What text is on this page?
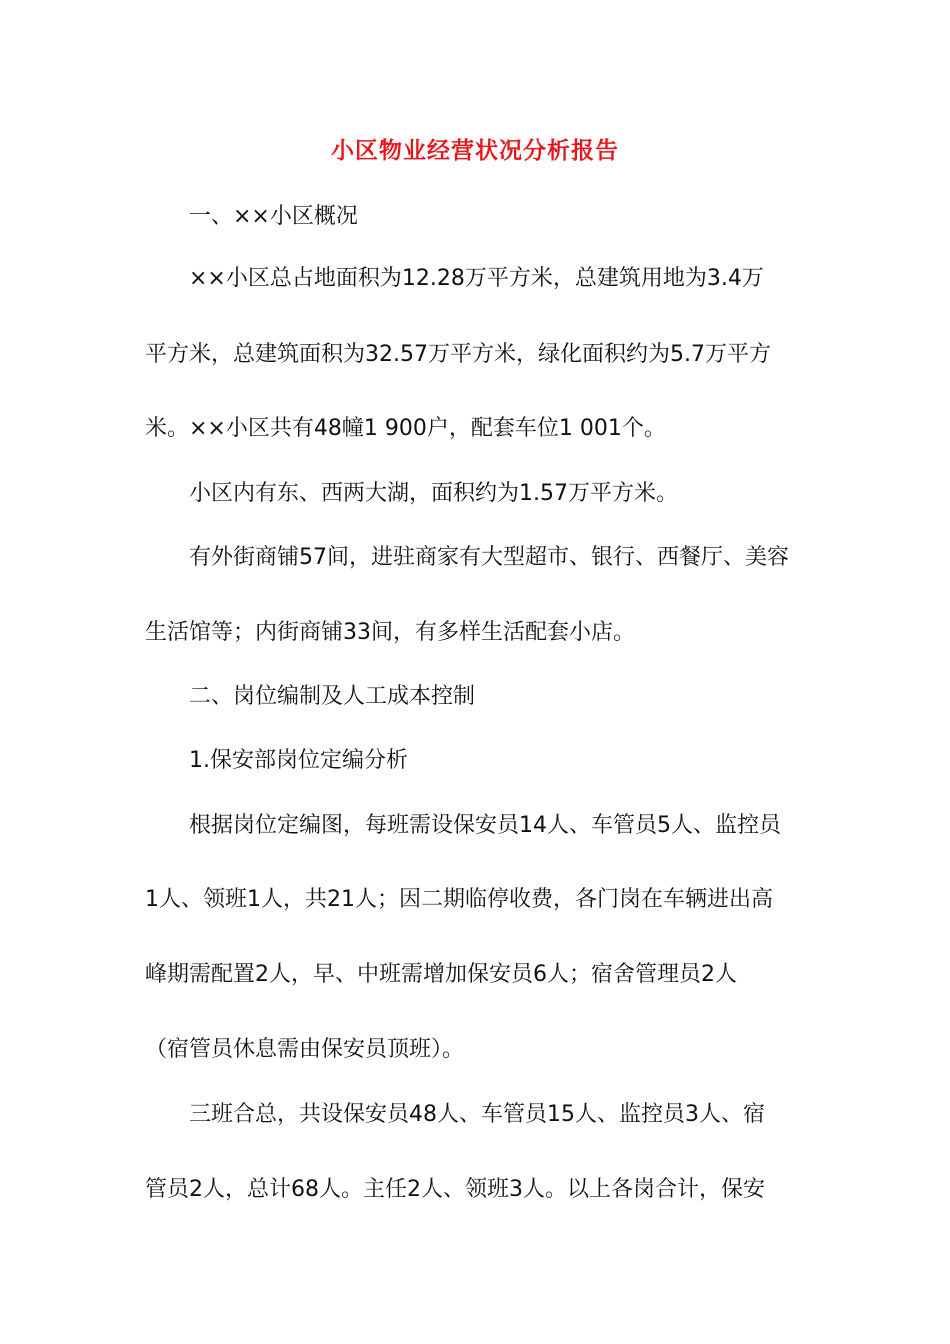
小区物业经营状况分析报告
一、××小区概况
××小区总占地面积为12.28万平方米，总建筑用地为3.4万
平方米，总建筑面积为32.57万平方米，绿化面积约为5.7万平方
米。××小区共有48幢1 900户，配套车位1 001个。
小区内有东、西两大湖，面积约为1.57万平方米。
有外街商铺57间，进驻商家有大型超市、银行、西餐厅、美容
生活馆等；内街商铺33间，有多样生活配套小店。
二、岗位编制及人工成本控制
1.保安部岗位定编分析
根据岗位定编图，每班需设保安员14人、车管员5人、监控员
1人、领班1人，共21人；因二期临停收费，各门岗在车辆进出高
峰期需配置2人，早、中班需增加保安员6人；宿舍管理员2人
（宿管员休息需由保安员顶班）。
三班合总，共设保安员48人、车管员15人、监控员3人、宿
管员2人，总计68人。主任2人、领班3人。以上各岗合计，保安
